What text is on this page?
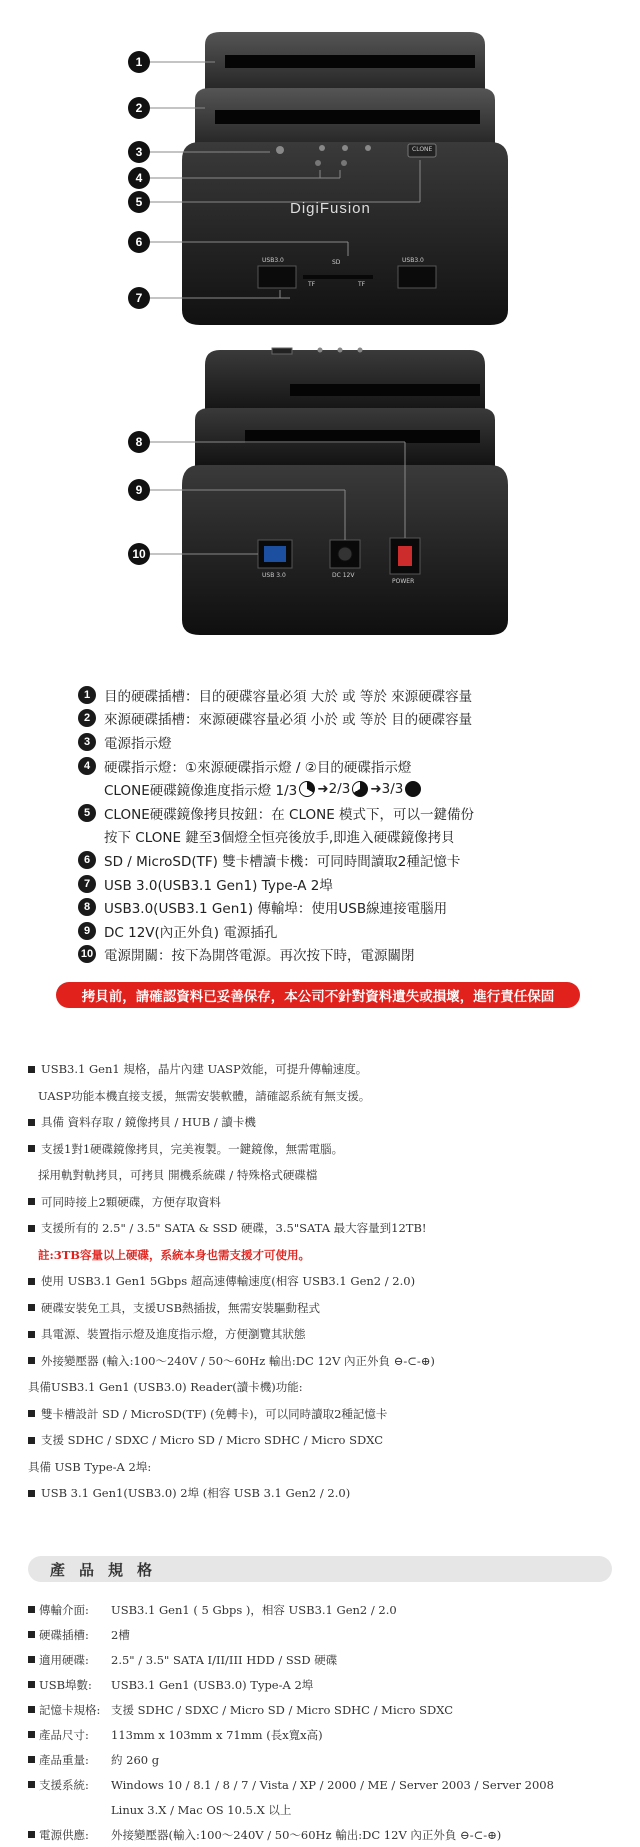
DigiFusion
CLONE
USB3.0	USB3.0
SD
TF	TF
1
2
3
4
5
6
7
USB 3.0	DC 12V
POWER
8
9
10
1	目的硬碟插槽：目的硬碟容量必須 大於 或 等於 來源硬碟容量
2	來源硬碟插槽：來源硬碟容量必須 小於 或 等於 目的硬碟容量
3	電源指示燈
4	硬碟指示燈：①來源硬碟指示燈 / ②目的硬碟指示燈
CLONE硬碟鏡像進度指示燈 1/3 ➜ 2/3 ➜ 3/3
5	CLONE硬碟鏡像拷貝按鈕：在 CLONE 模式下，可以一鍵備份
按下 CLONE 鍵至3個燈全恒亮後放手,即進入硬碟鏡像拷貝
6	SD / MicroSD(TF) 雙卡槽讀卡機：可同時間讀取2種記憶卡
7	USB 3.0(USB3.1 Gen1) Type-A 2埠
8	USB3.0(USB3.1 Gen1) 傳輸埠：使用USB線連接電腦用
9	DC 12V(內正外負) 電源插孔
10 電源開關：按下為開啓電源。再次按下時，電源關閉
拷貝前，請確認資料已妥善保存，本公司不針對資料遺失或損壞，進行責任保固
USB3.1 Gen1 規格，晶片內建 UASP效能，可提升傳輸速度。
UASP功能本機直接支援，無需安裝軟體，請確認系統有無支援。
具備 資料存取 / 鏡像拷貝 / HUB / 讀卡機
支援1對1硬碟鏡像拷貝，完美複製。一鍵鏡像，無需電腦。
採用軌對軌拷貝，可拷貝 開機系統碟 / 特殊格式硬碟檔
可同時接上2顆硬碟，方便存取資料
支援所有的 2.5" / 3.5" SATA & SSD 硬碟，3.5"SATA 最大容量到12TB!
註:3TB容量以上硬碟，系統本身也需支援才可使用。
使用 USB3.1 Gen1 5Gbps 超高速傳輸速度(相容 USB3.1 Gen2 / 2.0)
硬碟安裝免工具，支援USB熱插拔，無需安裝驅動程式
具電源、裝置指示燈及進度指示燈，方便瀏覽其狀態
外接變壓器 (輸入:100～240V / 50～60Hz 輸出:DC 12V 內正外負 ⊖-⊂-⊕)
具備USB3.1 Gen1 (USB3.0) Reader(讀卡機)功能:
雙卡槽設計 SD / MicroSD(TF) (免轉卡)，可以同時讀取2種記憶卡
支援 SDHC / SDXC / Micro SD / Micro SDHC / Micro SDXC
具備 USB Type-A 2埠:
USB 3.1 Gen1(USB3.0) 2埠 (相容 USB 3.1 Gen2 / 2.0)
產品規格
傳輸介面:	USB3.1 Gen1 ( 5 Gbps )，相容 USB3.1 Gen2 / 2.0
硬碟插槽:	2槽
適用硬碟:	2.5" / 3.5" SATA I/II/III HDD / SSD 硬碟
USB埠數:	USB3.1 Gen1 (USB3.0) Type-A 2埠
記憶卡規格: 支援 SDHC / SDXC / Micro SD / Micro SDHC / Micro SDXC
產品尺寸:	113mm x 103mm x 71mm (長x寬x高)
產品重量:	約 260 g
支援系統:	Windows 10 / 8.1 / 8 / 7 / Vista / XP / 2000 / ME / Server 2003 / Server 2008
Linux 3.X / Mac OS 10.5.X 以上
電源供應:	外接變壓器(輸入:100～240V / 50～60Hz 輸出:DC 12V 內正外負 ⊖-⊂-⊕)
